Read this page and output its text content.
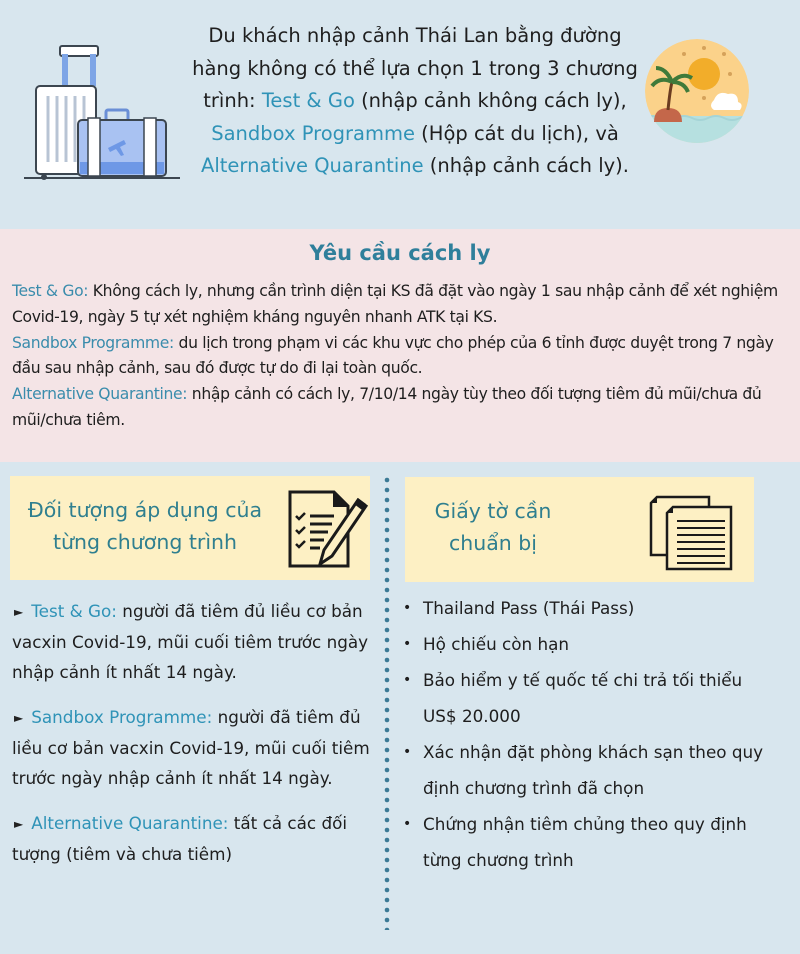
Du khách nhập cảnh Thái Lan bằng đường hàng không có thể lựa chọn 1 trong 3 chương trình: Test & Go (nhập cảnh không cách ly), Sandbox Programme (Hộp cát du lịch), và Alternative Quarantine (nhập cảnh cách ly).
Yêu cầu cách ly
Test & Go: Không cách ly, nhưng cần trình diện tại KS đã đặt vào ngày 1 sau nhập cảnh để xét nghiệm Covid-19, ngày 5 tự xét nghiệm kháng nguyên nhanh ATK tại KS.
Sandbox Programme: du lịch trong phạm vi các khu vực cho phép của 6 tỉnh được duyệt trong 7 ngày đầu sau nhập cảnh, sau đó được tự do đi lại toàn quốc.
Alternative Quarantine: nhập cảnh có cách ly, 7/10/14 ngày tùy theo đối tượng tiêm đủ mũi/chưa đủ mũi/chưa tiêm.
Đối tượng áp dụng của từng chương trình
Giấy tờ cần chuẩn bị
► Test & Go: người đã tiêm đủ liều cơ bản vacxin Covid-19, mũi cuối tiêm trước ngày nhập cảnh ít nhất 14 ngày.
► Sandbox Programme: người đã tiêm đủ liều cơ bản vacxin Covid-19, mũi cuối tiêm trước ngày nhập cảnh ít nhất 14 ngày.
► Alternative Quarantine: tất cả các đối tượng (tiêm và chưa tiêm)
• Thailand Pass (Thái Pass)
• Hộ chiếu còn hạn
• Bảo hiểm y tế quốc tế chi trả tối thiểu US$ 20.000
• Xác nhận đặt phòng khách sạn theo quy định chương trình đã chọn
• Chứng nhận tiêm chủng theo quy định từng chương trình
